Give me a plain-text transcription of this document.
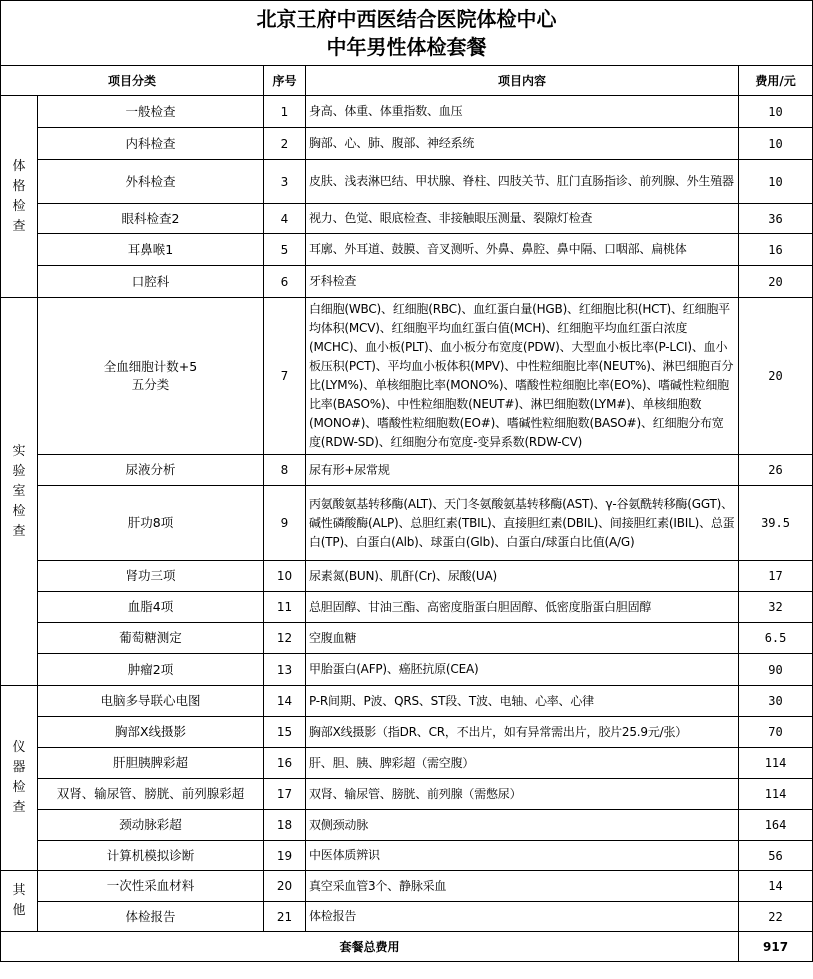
北京王府中西医结合医院体检中心
中年男性体检套餐				

项目分类		序号	项目内容	费用/元
体格检查	一般检查	1	身高、体重、体重指数、血压	10
	内科检查	2	胸部、心、肺、腹部、神经系统	10
	外科检查	3	皮肤、浅表淋巴结、甲状腺、脊柱、四肢关节、肛门直肠指诊、前列腺、外生殖器	10
	眼科检查2	4	视力、色觉、眼底检查、非接触眼压测量、裂隙灯检查	36
	耳鼻喉1	5	耳廓、外耳道、鼓膜、音叉测听、外鼻、鼻腔、鼻中隔、口咽部、扁桃体	16
	口腔科	6	牙科检查	20
实验室检查	全血细胞计数+5
五分类	7	白细胞(WBC)、红细胞(RBC)、血红蛋白量(HGB)、红细胞比积(HCT)、红细胞平均体积(MCV)、红细胞平均血红蛋白值(MCH)、红细胞平均血红蛋白浓度(MCHC)、血小板(PLT)、血小板分布宽度(PDW)、大型血小板比率(P-LCI)、血小板压积(PCT)、平均血小板体积(MPV)、中性粒细胞比率(NEUT%)、淋巴细胞百分比(LYM%)、单核细胞比率(MONO%)、嗜酸性粒细胞比率(EO%)、嗜碱性粒细胞比率(BASO%)、中性粒细胞数(NEUT#)、淋巴细胞数(LYM#)、单核细胞数(MONO#)、嗜酸性粒细胞数(EO#)、嗜碱性粒细胞数(BASO#)、红细胞分布宽度(RDW-SD)、红细胞分布宽度-变异系数(RDW-CV)	20
	尿液分析	8	尿有形+尿常规	26
	肝功8项	9	丙氨酸氨基转移酶(ALT)、天门冬氨酸氨基转移酶(AST)、γ-谷氨酰转移酶(GGT)、碱性磷酸酶(ALP)、总胆红素(TBIL)、直接胆红素(DBIL)、间接胆红素(IBIL)、总蛋白(TP)、白蛋白(Alb)、球蛋白(Glb)、白蛋白/球蛋白比值(A/G)	39.5
	肾功三项	10	尿素氮(BUN)、肌酐(Cr)、尿酸(UA)	17
	血脂4项	11	总胆固醇、甘油三酯、高密度脂蛋白胆固醇、低密度脂蛋白胆固醇	32
	葡萄糖测定	12	空腹血糖	6.5
	肿瘤2项	13	甲胎蛋白(AFP)、癌胚抗原(CEA)	90
仪器检查	电脑多导联心电图	14	P-R间期、P波、QRS、ST段、T波、电轴、心率、心律	30
	胸部X线摄影	15	胸部X线摄影（指DR、CR，不出片，如有异常需出片，胶片25.9元/张）	70
	肝胆胰脾彩超	16	肝、胆、胰、脾彩超（需空腹）	114
	双肾、输尿管、膀胱、前列腺彩超	17	双肾、输尿管、膀胱、前列腺（需憋尿）	114
	颈动脉彩超	18	双侧颈动脉	164
	计算机模拟诊断	19	中医体质辨识	56
其他	一次性采血材料	20	真空采血管3个、静脉采血	14
	体检报告	21	体检报告	22
套餐总费用				917
